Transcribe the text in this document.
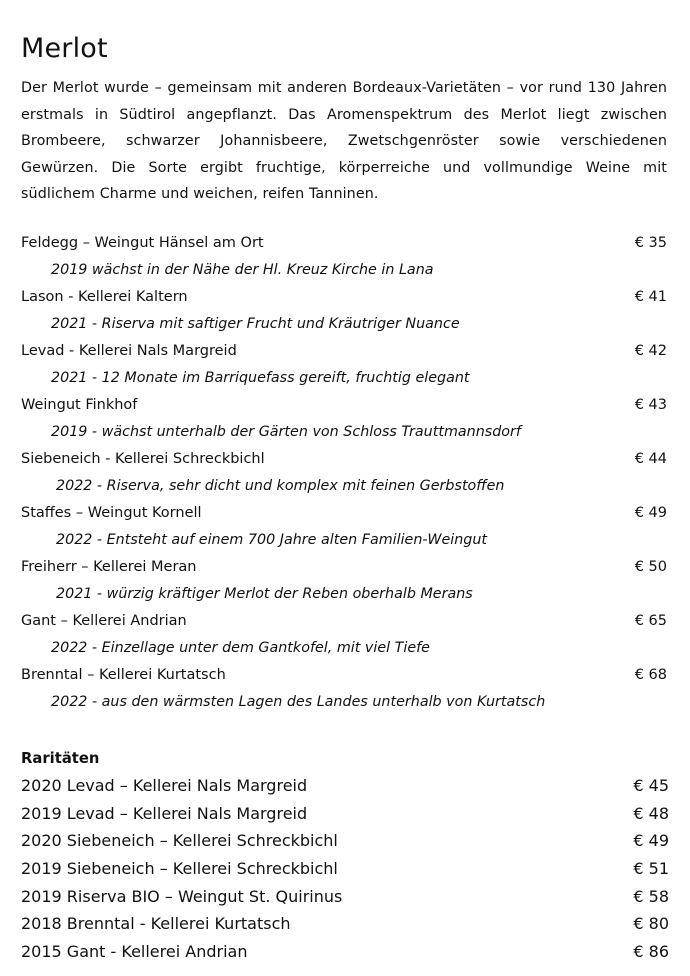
Merlot

Der Merlot wurde – gemeinsam mit anderen Bordeaux-Varietäten – vor rund 130 Jahren erstmals in Südtirol angepflanzt. Das Aromenspektrum des Merlot liegt zwischen Brombeere, schwarzer Johannisbeere, Zwetschgenröster sowie verschiedenen Gewürzen. Die Sorte ergibt fruchtige, körperreiche und vollmundige Weine mit südlichem Charme und weichen, reifen Tanninen.

Feldegg – Weingut Hänsel am Ort	€ 35
2019 wächst in der Nähe der Hl. Kreuz Kirche in Lana
Lason - Kellerei Kaltern	€ 41
2021 - Riserva mit saftiger Frucht und Kräutriger Nuance
Levad - Kellerei Nals Margreid	€ 42
2021 - 12 Monate im Barriquefass gereift, fruchtig elegant
Weingut Finkhof	€ 43
2019 - wächst unterhalb der Gärten von Schloss Trauttmannsdorf
Siebeneich - Kellerei Schreckbichl	€ 44
2022 - Riserva, sehr dicht und komplex mit feinen Gerbstoffen
Staffes – Weingut Kornell	€ 49
2022 - Entsteht auf einem 700 Jahre alten Familien-Weingut
Freiherr – Kellerei Meran	€ 50
2021 - würzig kräftiger Merlot der Reben oberhalb Merans
Gant – Kellerei Andrian	€ 65
2022 - Einzellage unter dem Gantkofel, mit viel Tiefe
Brenntal – Kellerei Kurtatsch	€ 68
2022 - aus den wärmsten Lagen des Landes unterhalb von Kurtatsch
Raritäten
2020 Levad – Kellerei Nals Margreid	€ 45
2019 Levad – Kellerei Nals Margreid	€ 48
2020 Siebeneich – Kellerei Schreckbichl	€ 49
2019 Siebeneich – Kellerei Schreckbichl	€ 51
2019 Riserva BIO – Weingut St. Quirinus	€ 58
2018 Brenntal - Kellerei Kurtatsch	€ 80
2015 Gant - Kellerei Andrian	€ 86
